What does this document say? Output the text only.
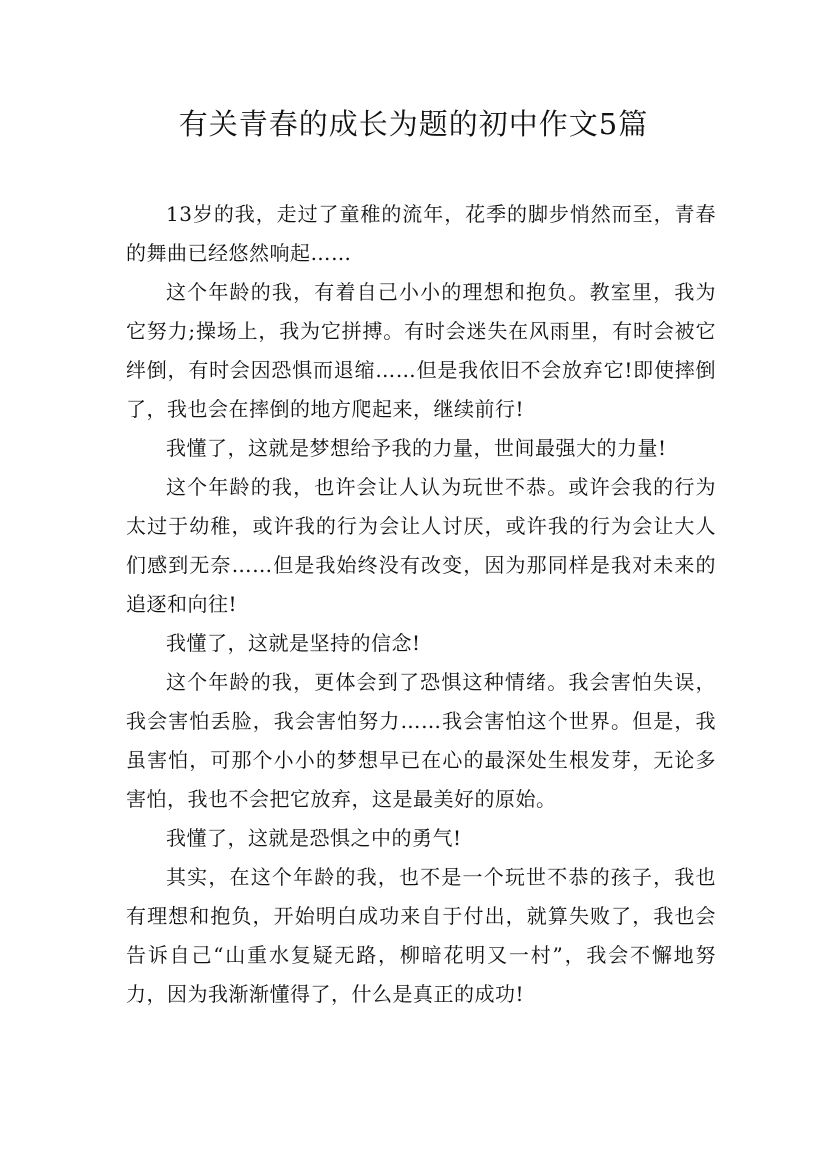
有关青春的成长为题的初中作文5篇

13岁的我，走过了童稚的流年，花季的脚步悄然而至，青春的舞曲已经悠然响起……

这个年龄的我，有着自己小小的理想和抱负。教室里，我为它努力;操场上，我为它拼搏。有时会迷失在风雨里，有时会被它绊倒，有时会因恐惧而退缩……但是我依旧不会放弃它!即使摔倒了，我也会在摔倒的地方爬起来，继续前行!

我懂了，这就是梦想给予我的力量，世间最强大的力量!

这个年龄的我，也许会让人认为玩世不恭。或许会我的行为太过于幼稚，或许我的行为会让人讨厌，或许我的行为会让大人们感到无奈……但是我始终没有改变，因为那同样是我对未来的追逐和向往!

我懂了，这就是坚持的信念!

这个年龄的我，更体会到了恐惧这种情绪。我会害怕失误，我会害怕丢脸，我会害怕努力……我会害怕这个世界。但是，我虽害怕，可那个小小的梦想早已在心的最深处生根发芽，无论多害怕，我也不会把它放弃，这是最美好的原始。

我懂了，这就是恐惧之中的勇气!

其实，在这个年龄的我，也不是一个玩世不恭的孩子，我也有理想和抱负，开始明白成功来自于付出，就算失败了，我也会告诉自己“山重水复疑无路，柳暗花明又一村”，我会不懈地努力，因为我渐渐懂得了，什么是真正的成功!
